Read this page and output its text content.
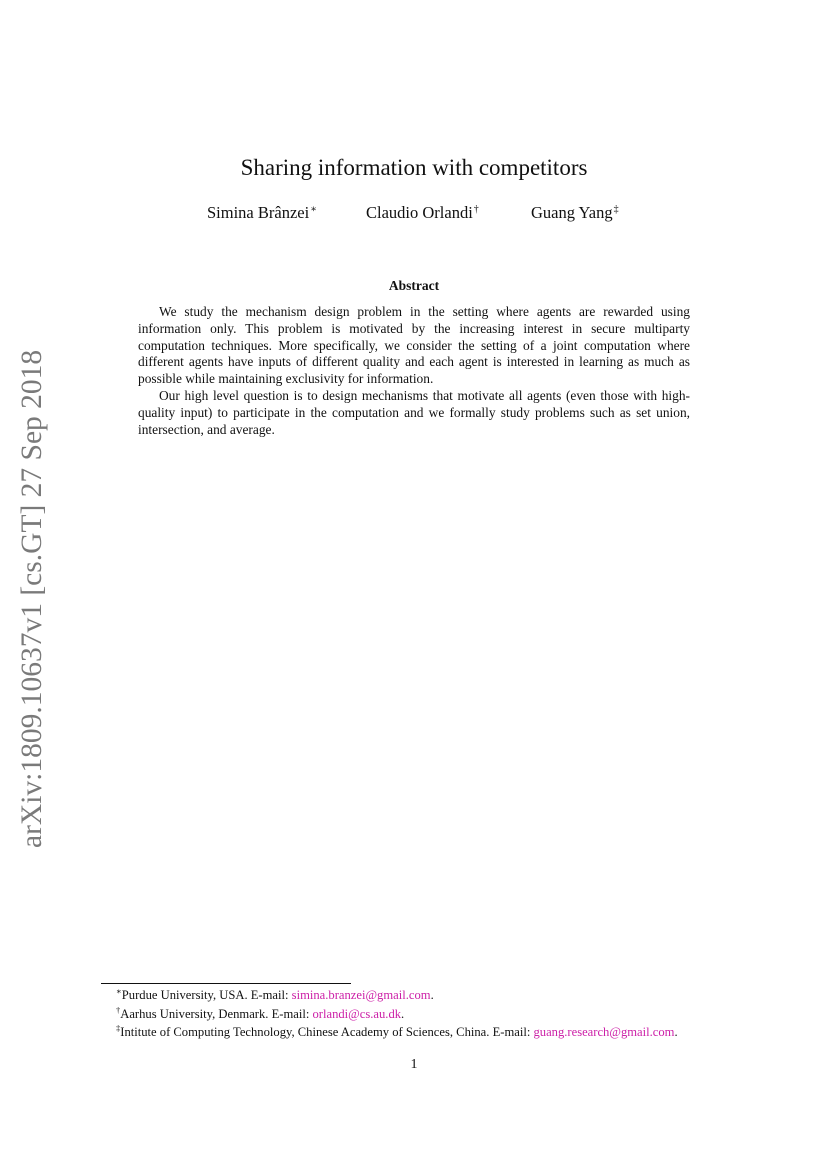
arXiv:1809.10637v1 [cs.GT] 27 Sep 2018
Sharing information with competitors
Simina Brânzei∗	Claudio Orlandi†	Guang Yang‡
Abstract

We study the mechanism design problem in the setting where agents are rewarded using information only. This problem is motivated by the increasing interest in secure multiparty computation techniques. More specifically, we consider the setting of a joint computation where different agents have inputs of different quality and each agent is interested in learning as much as possible while maintaining exclusivity for information.

Our high level question is to design mechanisms that motivate all agents (even those with high-quality input) to participate in the computation and we formally study problems such as set union, intersection, and average.

∗Purdue University, USA. E-mail: simina.branzei@gmail.com.
†Aarhus University, Denmark. E-mail: orlandi@cs.au.dk.
‡Intitute of Computing Technology, Chinese Academy of Sciences, China. E-mail: guang.research@gmail.com.
1
